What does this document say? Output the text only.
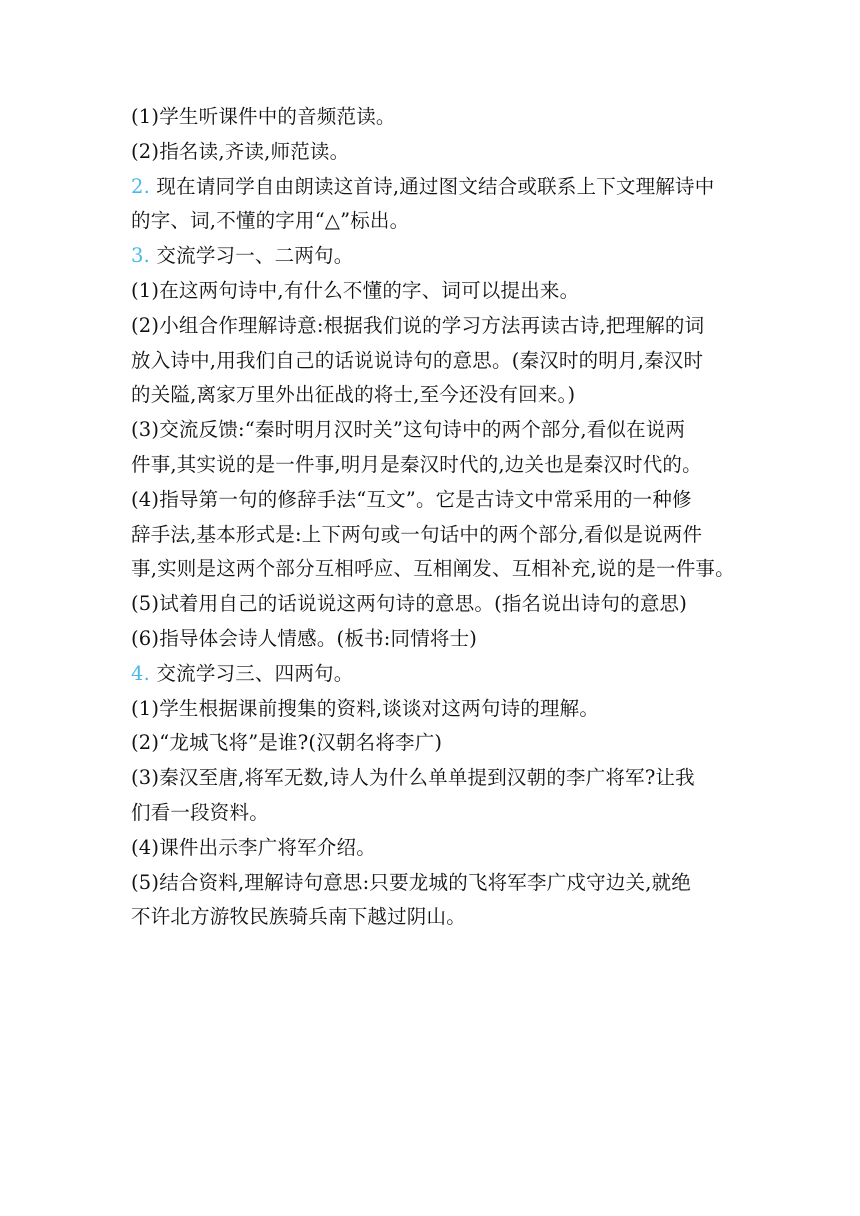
(1)学生听课件中的音频范读。
(2)指名读,齐读,师范读。
2. 现在请同学自由朗读这首诗,通过图文结合或联系上下文理解诗中
的字、词,不懂的字用“△”标出。
3. 交流学习一、二两句。
(1)在这两句诗中,有什么不懂的字、词可以提出来。
(2)小组合作理解诗意:根据我们说的学习方法再读古诗,把理解的词
放入诗中,用我们自己的话说说诗句的意思。(秦汉时的明月,秦汉时
的关隘,离家万里外出征战的将士,至今还没有回来。)
(3)交流反馈:“秦时明月汉时关”这句诗中的两个部分,看似在说两
件事,其实说的是一件事,明月是秦汉时代的,边关也是秦汉时代的。
(4)指导第一句的修辞手法“互文”。它是古诗文中常采用的一种修
辞手法,基本形式是:上下两句或一句话中的两个部分,看似是说两件
事,实则是这两个部分互相呼应、互相阐发、互相补充,说的是一件事。
(5)试着用自己的话说说这两句诗的意思。(指名说出诗句的意思)
(6)指导体会诗人情感。(板书:同情将士)
4. 交流学习三、四两句。
(1)学生根据课前搜集的资料,谈谈对这两句诗的理解。
(2)“龙城飞将”是谁?(汉朝名将李广)
(3)秦汉至唐,将军无数,诗人为什么单单提到汉朝的李广将军?让我
们看一段资料。
(4)课件出示李广将军介绍。
(5)结合资料,理解诗句意思:只要龙城的飞将军李广戍守边关,就绝
不许北方游牧民族骑兵南下越过阴山。
